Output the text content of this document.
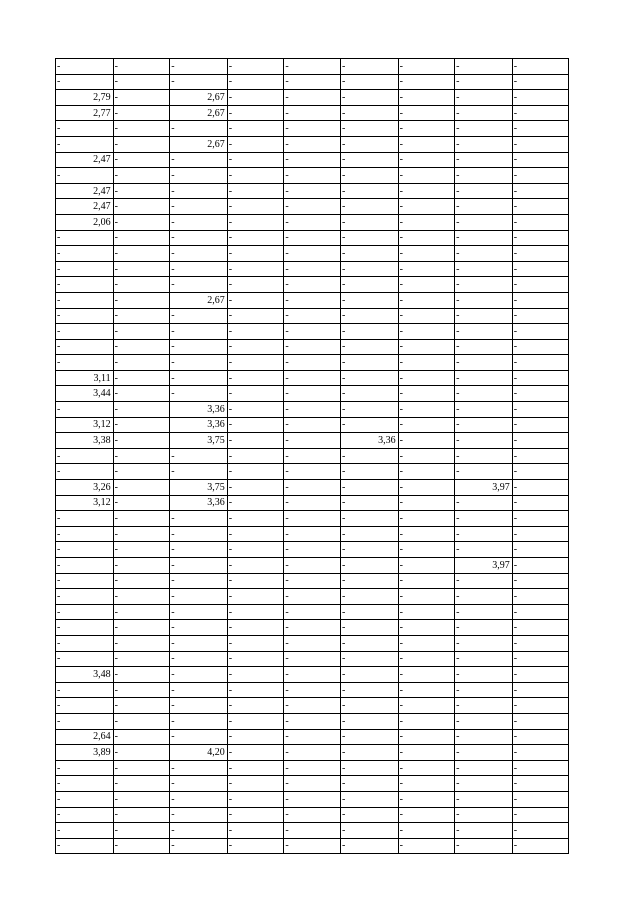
-	-	-	-	-	-	-	-	-
-	-	-	-	-	-	-	-	-
2,79	-	2,67	-	-	-	-	-	-
2,77	-	2,67	-	-	-	-	-	-
-	-	-	-	-	-	-	-	-
-	-	2,67	-	-	-	-	-	-
2,47	-	-	-	-	-	-	-	-
-	-	-	-	-	-	-	-	-
2,47	-	-	-	-	-	-	-	-
2,47	-	-	-	-	-	-	-	-
2,06	-	-	-	-	-	-	-	-
-	-	-	-	-	-	-	-	-
-	-	-	-	-	-	-	-	-
-	-	-	-	-	-	-	-	-
-	-	-	-	-	-	-	-	-
-	-	2,67	-	-	-	-	-	-
-	-	-	-	-	-	-	-	-
-	-	-	-	-	-	-	-	-
-	-	-	-	-	-	-	-	-
-	-	-	-	-	-	-	-	-
3,11	-	-	-	-	-	-	-	-
3,44	-	-	-	-	-	-	-	-
-	-	3,36	-	-	-	-	-	-
3,12	-	3,36	-	-	-	-	-	-
3,38	-	3,75	-	-	3,36	-	-	-
-	-	-	-	-	-	-	-	-
-	-	-	-	-	-	-	-	-
3,26	-	3,75	-	-	-	-	3,97	-
3,12	-	3,36	-	-	-	-	-	-
-	-	-	-	-	-	-	-	-
-	-	-	-	-	-	-	-	-
-	-	-	-	-	-	-	-	-
-	-	-	-	-	-	-	3,97	-
-	-	-	-	-	-	-	-	-
-	-	-	-	-	-	-	-	-
-	-	-	-	-	-	-	-	-
-	-	-	-	-	-	-	-	-
-	-	-	-	-	-	-	-	-
-	-	-	-	-	-	-	-	-
3,48	-	-	-	-	-	-	-	-
-	-	-	-	-	-	-	-	-
-	-	-	-	-	-	-	-	-
-	-	-	-	-	-	-	-	-
2,64	-	-	-	-	-	-	-	-
3,89	-	4,20	-	-	-	-	-	-
-	-	-	-	-	-	-	-	-
-	-	-	-	-	-	-	-	-
-	-	-	-	-	-	-	-	-
-	-	-	-	-	-	-	-	-
-	-	-	-	-	-	-	-	-
-	-	-	-	-	-	-	-	-
